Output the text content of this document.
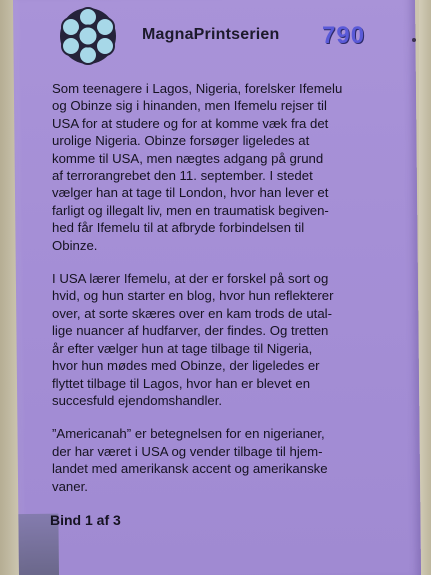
MagnaPrintserien 790

Som teenagere i Lagos, Nigeria, forelsker Ifemelu
og Obinze sig i hinanden, men Ifemelu rejser til
USA for at studere og for at komme væk fra det
urolige Nigeria. Obinze forsøger ligeledes at
komme til USA, men nægtes adgang på grund
af terrorangrebet den 11. september. I stedet
vælger han at tage til London, hvor han lever et
farligt og illegalt liv, men en traumatisk begiven-
hed får Ifemelu til at afbryde forbindelsen til
Obinze.

I USA lærer Ifemelu, at der er forskel på sort og
hvid, og hun starter en blog, hvor hun reflekterer
over, at sorte skæres over en kam trods de utal-
lige nuancer af hudfarver, der findes. Og tretten
år efter vælger hun at tage tilbage til Nigeria,
hvor hun mødes med Obinze, der ligeledes er
flyttet tilbage til Lagos, hvor han er blevet en
succesfuld ejendomshandler.

”Americanah” er betegnelsen for en nigerianer,
der har været i USA og vender tilbage til hjem-
landet med amerikansk accent og amerikanske
vaner.

Bind 1 af 3
